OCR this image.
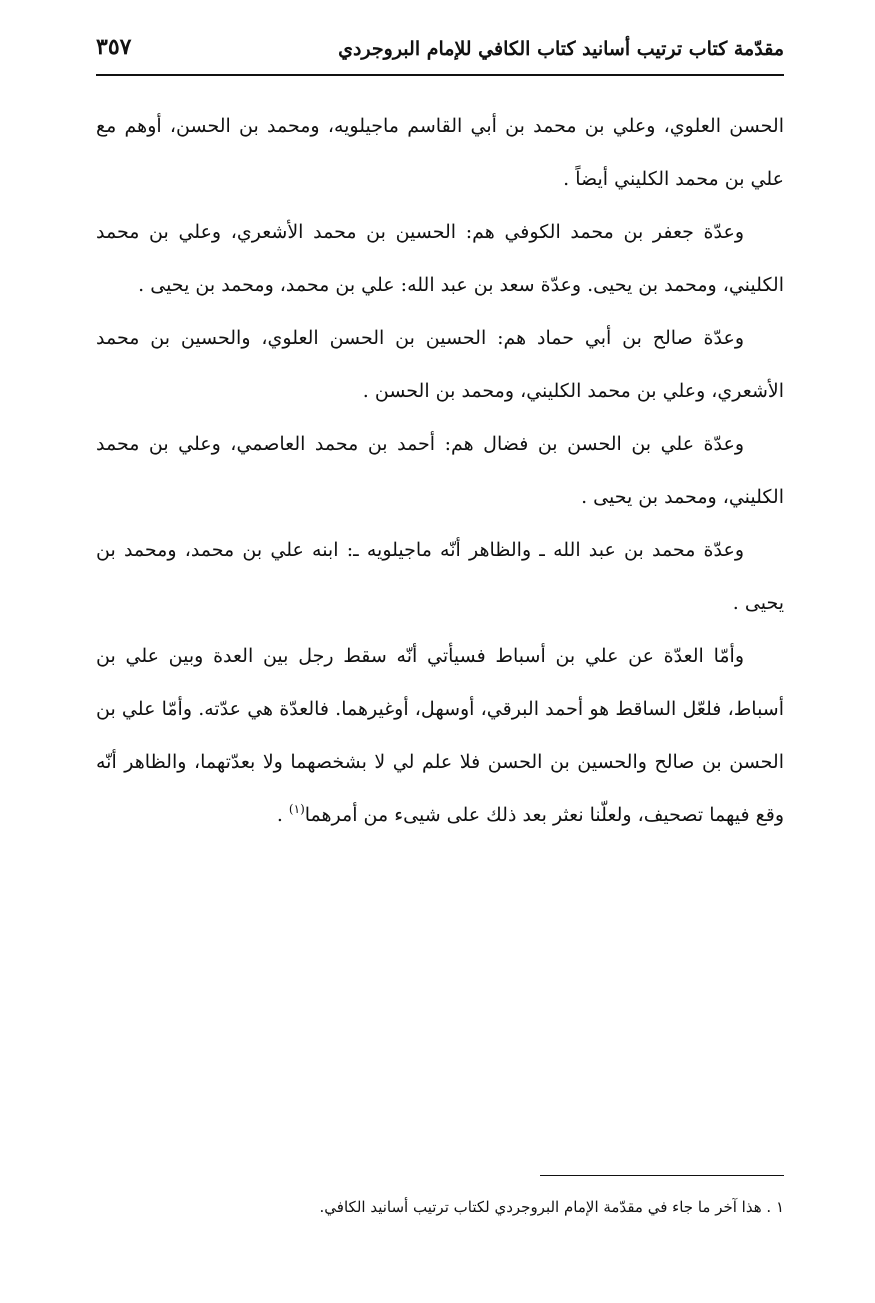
مقدّمة كتاب ترتيب أسانيد كتاب الكافي للإمام البروجردي
٣٥٧

الحسن العلوي، وعلي بن محمد بن أبي القاسم ماجيلويه، ومحمد بن الحسن، أوهم مع علي بن محمد الكليني أيضاً .

وعدّة جعفر بن محمد الكوفي هم: الحسين بن محمد الأشعري، وعلي بن محمد الكليني، ومحمد بن يحيى. وعدّة سعد بن عبد الله: علي بن محمد، ومحمد بن يحيى .

وعدّة صالح بن أبي حماد هم: الحسين بن الحسن العلوي، والحسين بن محمد الأشعري، وعلي بن محمد الكليني، ومحمد بن الحسن .

وعدّة علي بن الحسن بن فضال هم: أحمد بن محمد العاصمي، وعلي بن محمد الكليني، ومحمد بن يحيى .

وعدّة محمد بن عبد الله ـ والظاهر أنّه ماجيلويه ـ: ابنه علي بن محمد، ومحمد بن يحيى .

وأمّا العدّة عن علي بن أسباط فسيأتي أنّه سقط رجل بين العدة وبين علي بن أسباط، فلعّل الساقط هو أحمد البرقي، أوسهل، أوغيرهما. فالعدّة هي عدّته. وأمّا علي بن الحسن بن صالح والحسين بن الحسن فلا علم لي لا بشخصهما ولا بعدّتهما، والظاهر أنّه وقع فيهما تصحيف، ولعلّنا نعثر بعد ذلك على شيىء من أمرهما$^{(١)}$ .

١ . هذا آخر ما جاء في مقدّمة الإمام البروجردي لكتاب ترتيب أسانيد الكافي.
